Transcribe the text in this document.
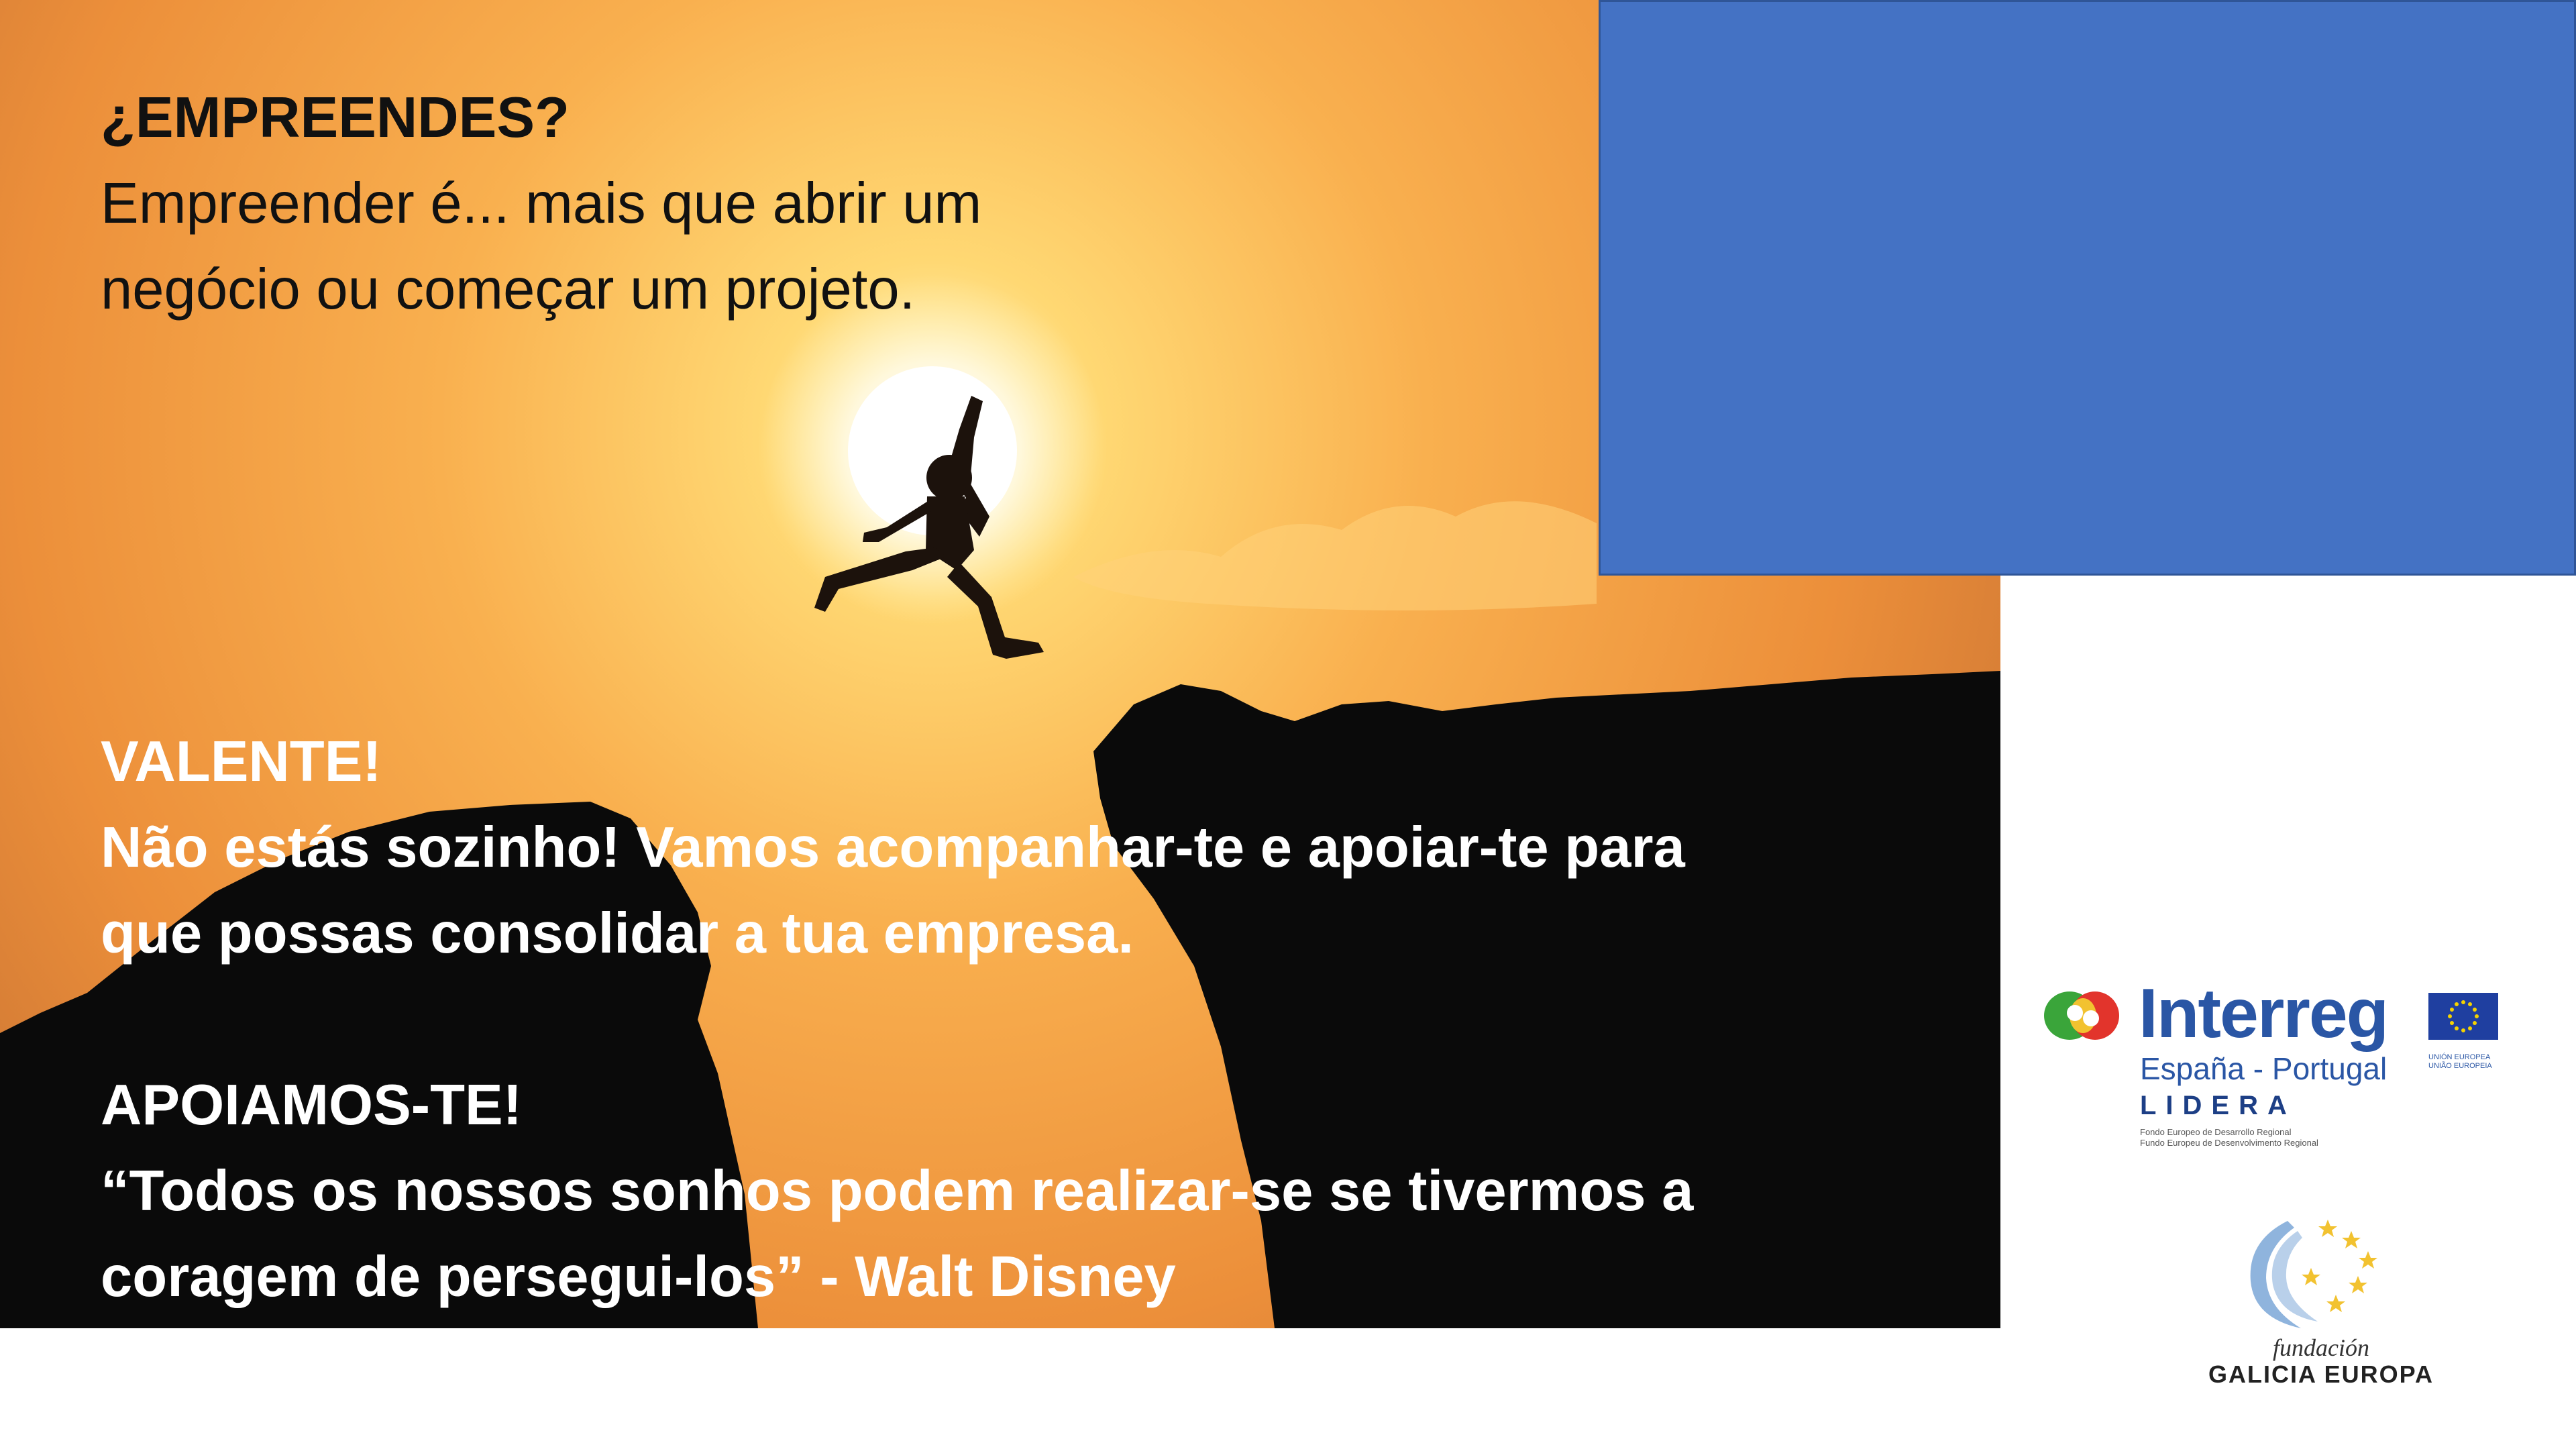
¿EMPREENDES?
Empreender é... mais que abrir um
negócio ou começar um projeto.
VALENTE!
Não estás sozinho! Vamos acompanhar-te e apoiar-te para
que possas consolidar a tua empresa.
APOIAMOS-TE!
“Todos os nossos sonhos podem realizar-se se tivermos a
coragem de persegui-los” - Walt Disney
Interreg
España - Portugal
LIDERA
Fondo Europeo de Desarrollo Regional
Fundo Europeu de Desenvolvimento Regional
UNIÓN EUROPEA
UNIÃO EUROPEIA
fundación
GALICIA EUROPA
